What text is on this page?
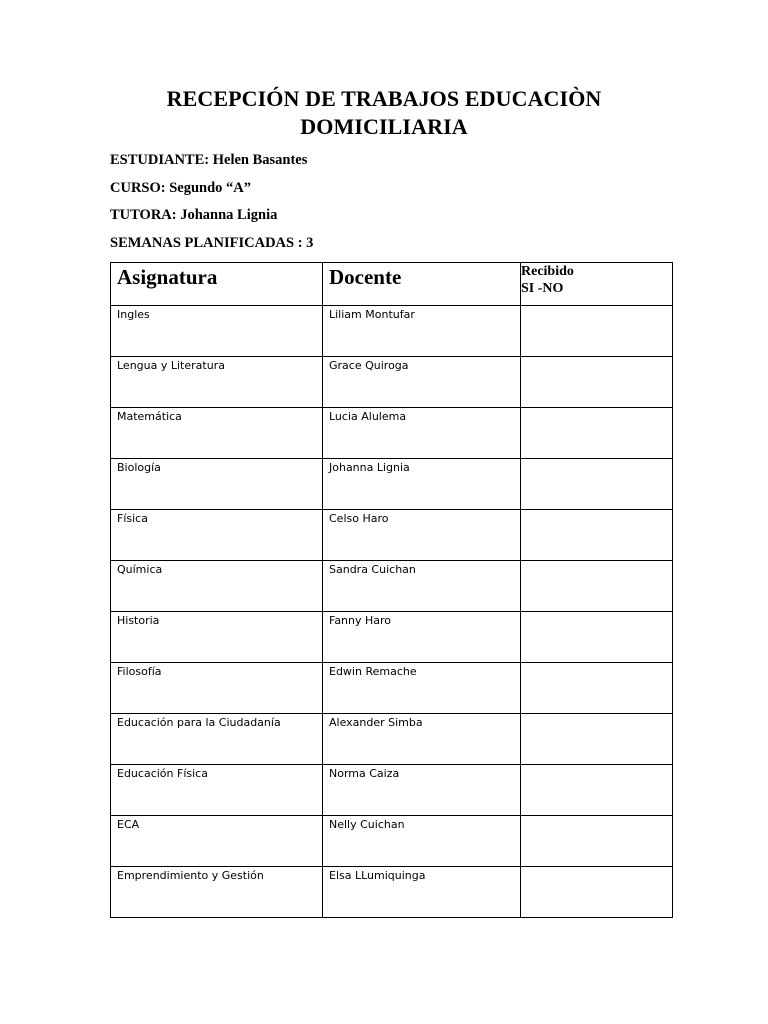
RECEPCIÓN DE TRABAJOS EDUCACIÒN DOMICILIARIA
ESTUDIANTE: Helen Basantes
CURSO: Segundo “A”
TUTORA: Johanna Lignia
SEMANAS PLANIFICADAS : 3
Asignatura	Docente	Recibido
SI -NO

Ingles	Liliam Montufar	

Lengua y Literatura	Grace Quiroga	

Matemática	Lucia Alulema	

Biología	Johanna Lignia	

Física	Celso Haro	

Química	Sandra Cuichan	

Historia	Fanny Haro	

Filosofía	Edwin Remache	

Educación para la Ciudadanía	Alexander Simba	

Educación Física	Norma Caiza	

ECA	Nelly Cuichan	

Emprendimiento y Gestión	Elsa LLumiquinga	
